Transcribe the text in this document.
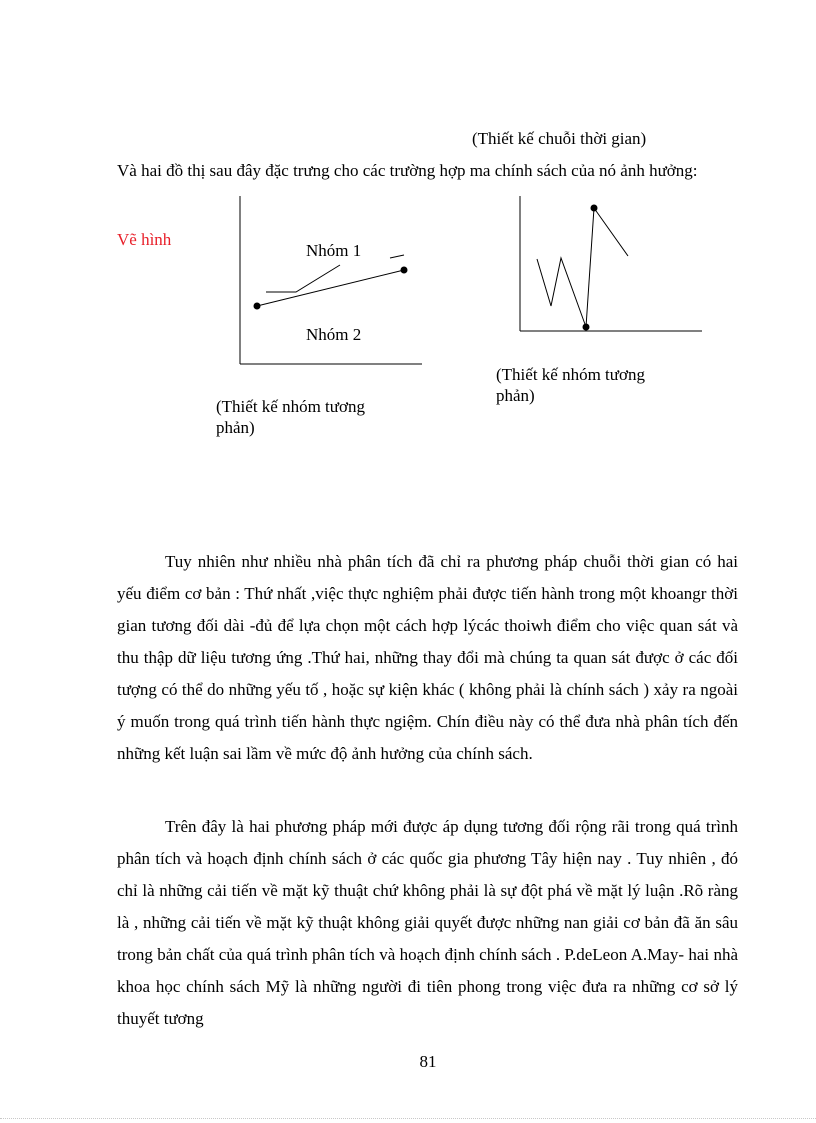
(Thiết kế chuỗi thời gian)
Và hai đồ thị sau đây đặc trưng cho các trường hợp ma chính sách của nó ảnh hưởng:
Vẽ hình
Nhóm 1
Nhóm 2
(Thiết kế nhóm tương phản)
(Thiết kế nhóm tương phản)

Tuy nhiên như nhiều nhà phân tích đã chỉ ra phương pháp chuỗi thời gian có hai yếu điểm cơ bản : Thứ nhất ,việc thực nghiệm phải được tiến hành trong một khoangr thời gian tương đối dài -đủ để lựa chọn một cách hợp lýcác thoiwh điểm cho việc quan sát và thu thập dữ liệu tương ứng .Thứ hai, những thay đổi mà chúng ta quan sát được ở các đối tượng có thể do những yếu tố , hoặc sự kiện khác ( không phải là chính sách ) xảy ra ngoài ý muốn trong quá trình tiến hành thực ngiệm. Chín điều này có thể đưa nhà phân tích đến những kết luận sai lầm về mức độ ảnh hưởng của chính sách.

Trên đây là hai phương pháp mới được áp dụng tương đối rộng rãi trong quá trình phân tích và hoạch định chính sách ở các quốc gia phương Tây hiện nay . Tuy nhiên , đó chỉ là những cải tiến về mặt kỹ thuật chứ không phải là sự đột phá về mặt lý luận .Rõ ràng là , những cải tiến về mặt kỹ thuật không giải quyết được những nan giải cơ bản đã ăn sâu trong bản chất của quá trình phân tích và hoạch định chính sách . P.deLeon A.May- hai nhà khoa học chính sách Mỹ là những người đi tiên phong trong việc đưa ra những cơ sở lý thuyết tương

81
